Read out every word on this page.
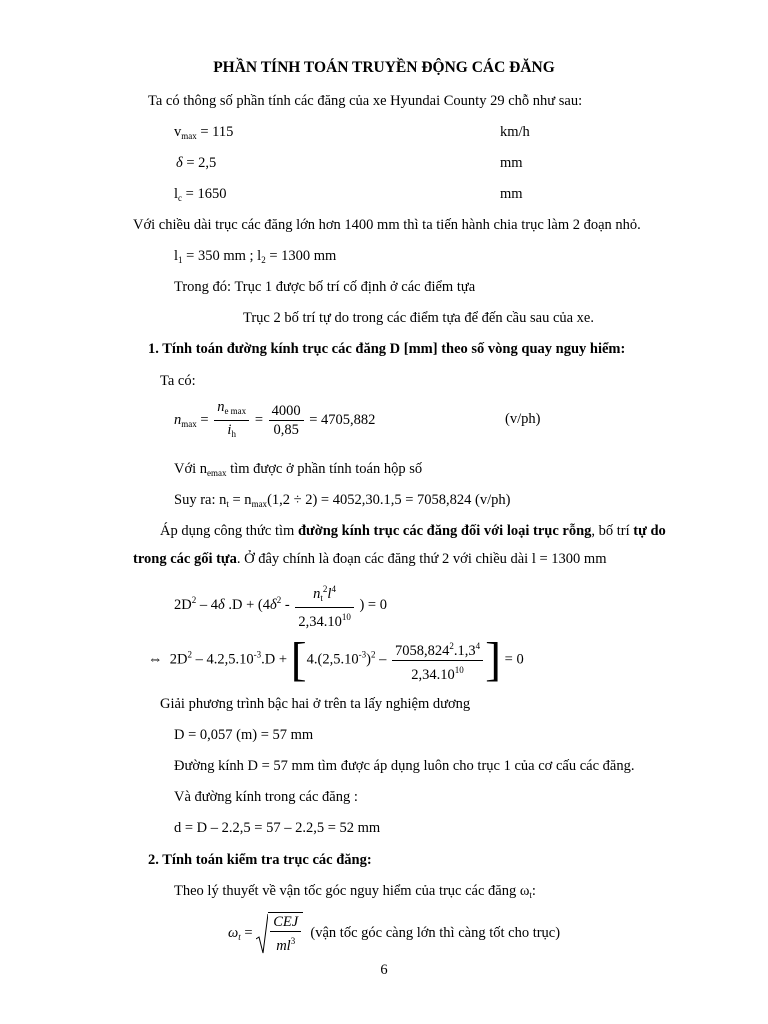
PHẦN TÍNH TOÁN TRUYỀN ĐỘNG CÁC ĐĂNG
Ta có thông số phần tính các đăng của xe Hyundai County 29 chỗ như sau:
$v_{max} = 115$	km/h
δ = 2,5	mm
$l_c = 1650$	mm
Với chiều dài trục các đăng lớn hơn 1400 mm thì ta tiến hành chia trục làm 2 đoạn nhỏ.
$l_1 = 350$ mm ; $l_2 = 1300$ mm
Trong đó: Trục 1 được bố trí cố định ở các điểm tựa
Trục 2 bố trí tự do trong các điểm tựa để đến cầu sau của xe.
1. Tính toán đường kính trục các đăng D [mm] theo số vòng quay nguy hiểm:
Ta có:
$n_{max} = \frac{n_{e max}}{i_h} = \frac{4000}{0,85} = 4705,882$	(v/ph)
Với $n_{emax}$ tìm được ở phần tính toán hộp số
Suy ra: $n_t = n_{max}(1,2 \div 2) = 4052,30.1,5 = 7058,824$ (v/ph)
Áp dụng công thức tìm đường kính trục các đăng đối với loại trục rỗng, bố trí tự do
trong các gối tựa. Ở đây chính là đoạn các đăng thứ 2 với chiều dài l = 1300 mm
$2D^2 - 4\delta$ $.D + (4\delta^2 - \frac{n_t^2l^4}{2,34.10^{10}}$ ) = 0
⇔ $2D^2 - 4.2,5.10^{-3}.D + [4.(2,5.10^{-3})^2 - \frac{7058,824^2.1,3^4}{2,34.10^{10}}$ ] = 0
Giải phương trình bậc hai ở trên ta lấy nghiệm dương
D = 0,057 (m) = 57 mm
Đường kính D = 57 mm tìm được áp dụng luôn cho trục 1 của cơ cấu các đăng.
Và đường kính trong các đăng :
d = D – 2.2,5 = 57 – 2.2,5 = 52 mm
2. Tính toán kiểm tra trục các đăng:
Theo lý thuyết về vận tốc góc nguy hiểm của trục các đăng $\omega_t$:
$\omega_t = \frac{\text{CEJ}}{ml^3}$ (vận tốc góc càng lớn thì càng tốt cho trục)
6
